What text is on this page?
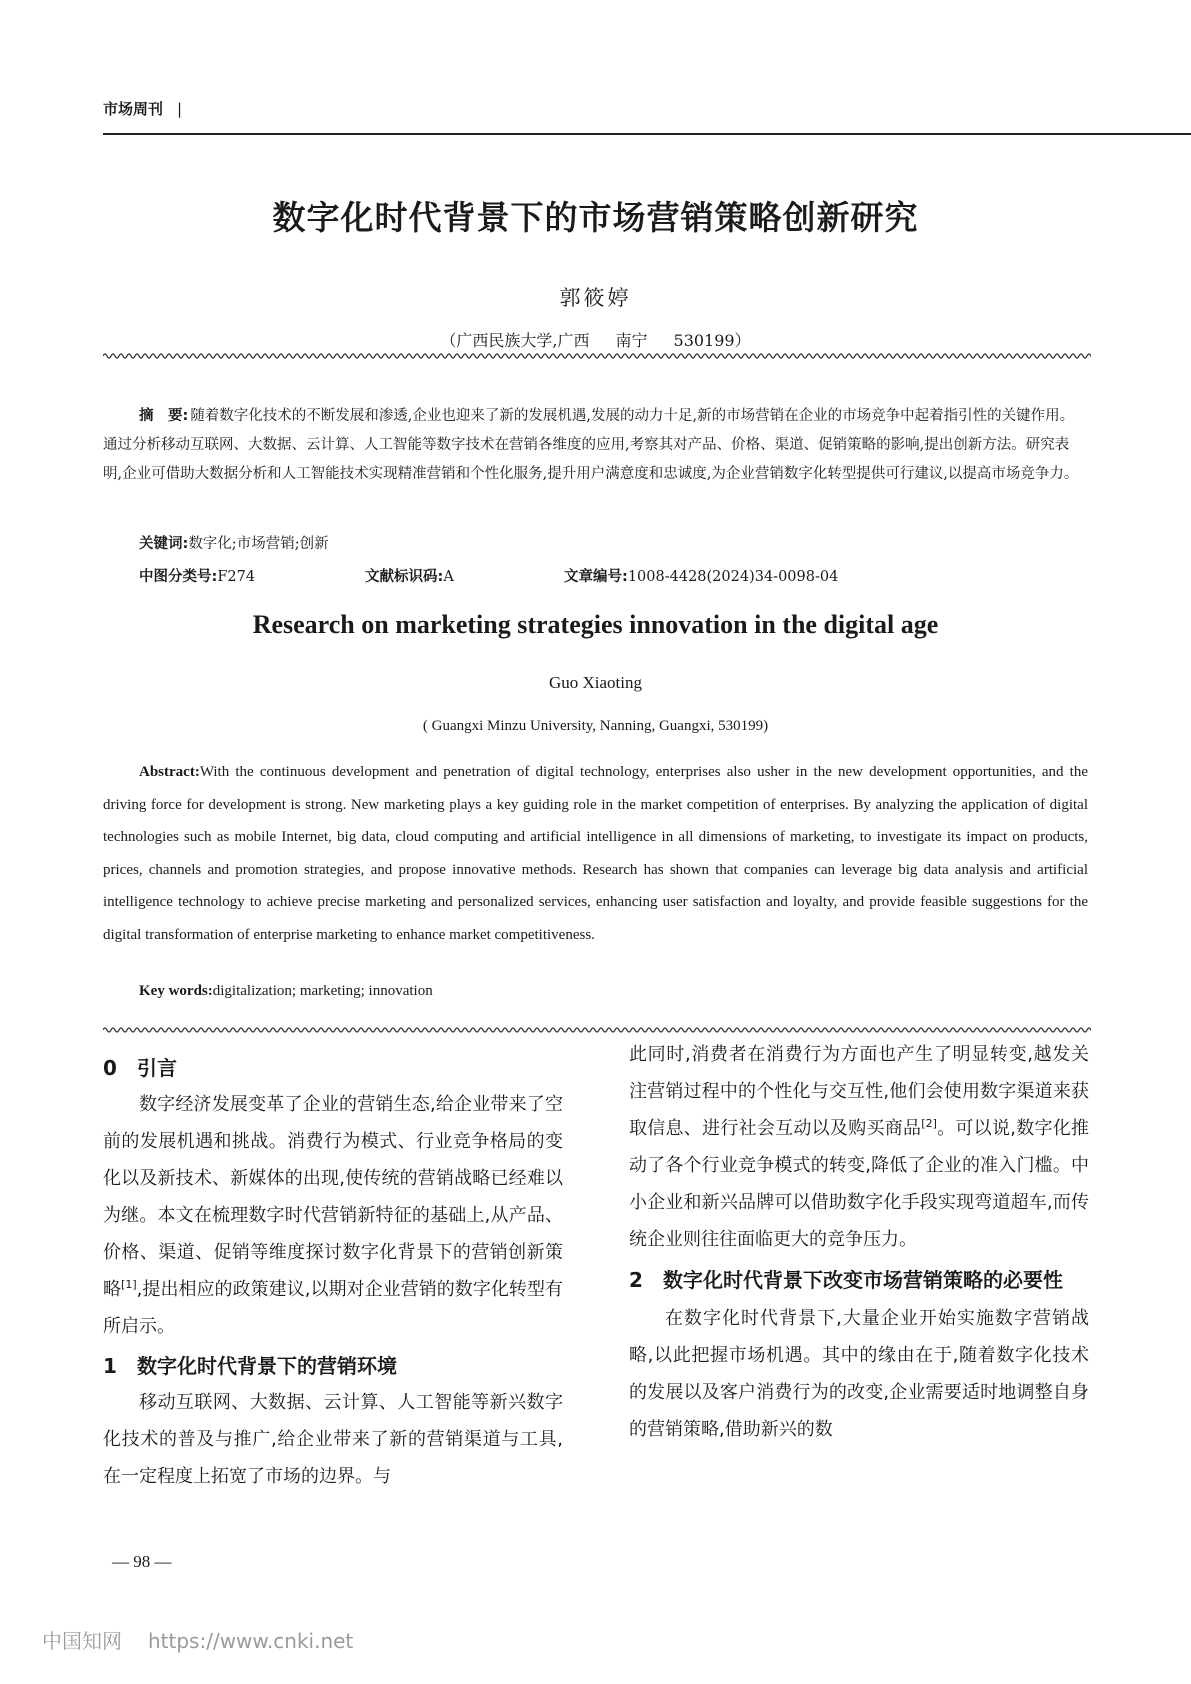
市场周刊 |
数字化时代背景下的市场营销策略创新研究
郭筱婷
（广西民族大学,广西 南宁 530199）
摘　要: 随着数字化技术的不断发展和渗透,企业也迎来了新的发展机遇,发展的动力十足,新的市场营销在企业的市场竞争中起着指引性的关键作用。通过分析移动互联网、大数据、云计算、人工智能等数字技术在营销各维度的应用,考察其对产品、价格、渠道、促销策略的影响,提出创新方法。研究表明,企业可借助大数据分析和人工智能技术实现精准营销和个性化服务,提升用户满意度和忠诚度,为企业营销数字化转型提供可行建议,以提高市场竞争力。
关键词:数字化;市场营销;创新
中图分类号:F274	文献标识码:A	文章编号:1008-4428(2024)34-0098-04
Research on marketing strategies innovation in the digital age
Guo Xiaoting
( Guangxi Minzu University, Nanning, Guangxi, 530199)
Abstract:With the continuous development and penetration of digital technology, enterprises also usher in the new development opportunities, and the driving force for development is strong. New marketing plays a key guiding role in the market competition of enterprises. By analyzing the application of digital technologies such as mobile Internet, big data, cloud computing and artificial intelligence in all dimensions of marketing, to investigate its impact on products, prices, channels and promotion strategies, and propose innovative methods. Research has shown that companies can leverage big data analysis and artificial intelligence technology to achieve precise marketing and personalized services, enhancing user satisfaction and loyalty, and provide feasible suggestions for the digital transformation of enterprise marketing to enhance market competitiveness.
Key words:digitalization; marketing; innovation
0 引言

数字经济发展变革了企业的营销生态,给企业带来了空前的发展机遇和挑战。消费行为模式、行业竞争格局的变化以及新技术、新媒体的出现,使传统的营销战略已经难以为继。本文在梳理数字时代营销新特征的基础上,从产品、价格、渠道、促销等维度探讨数字化背景下的营销创新策略[1],提出相应的政策建议,以期对企业营销的数字化转型有所启示。

1 数字化时代背景下的营销环境

移动互联网、大数据、云计算、人工智能等新兴数字化技术的普及与推广,给企业带来了新的营销渠道与工具,在一定程度上拓宽了市场的边界。与

此同时,消费者在消费行为方面也产生了明显转变,越发关注营销过程中的个性化与交互性,他们会使用数字渠道来获取信息、进行社会互动以及购买商品[2]。可以说,数字化推动了各个行业竞争模式的转变,降低了企业的准入门槛。中小企业和新兴品牌可以借助数字化手段实现弯道超车,而传统企业则往往面临更大的竞争压力。

2 数字化时代背景下改变市场营销策略的必要性

在数字化时代背景下,大量企业开始实施数字营销战略,以此把握市场机遇。其中的缘由在于,随着数字化技术的发展以及客户消费行为的改变,企业需要适时地调整自身的营销策略,借助新兴的数

— 98 —
中国知网 https://www.cnki.net
